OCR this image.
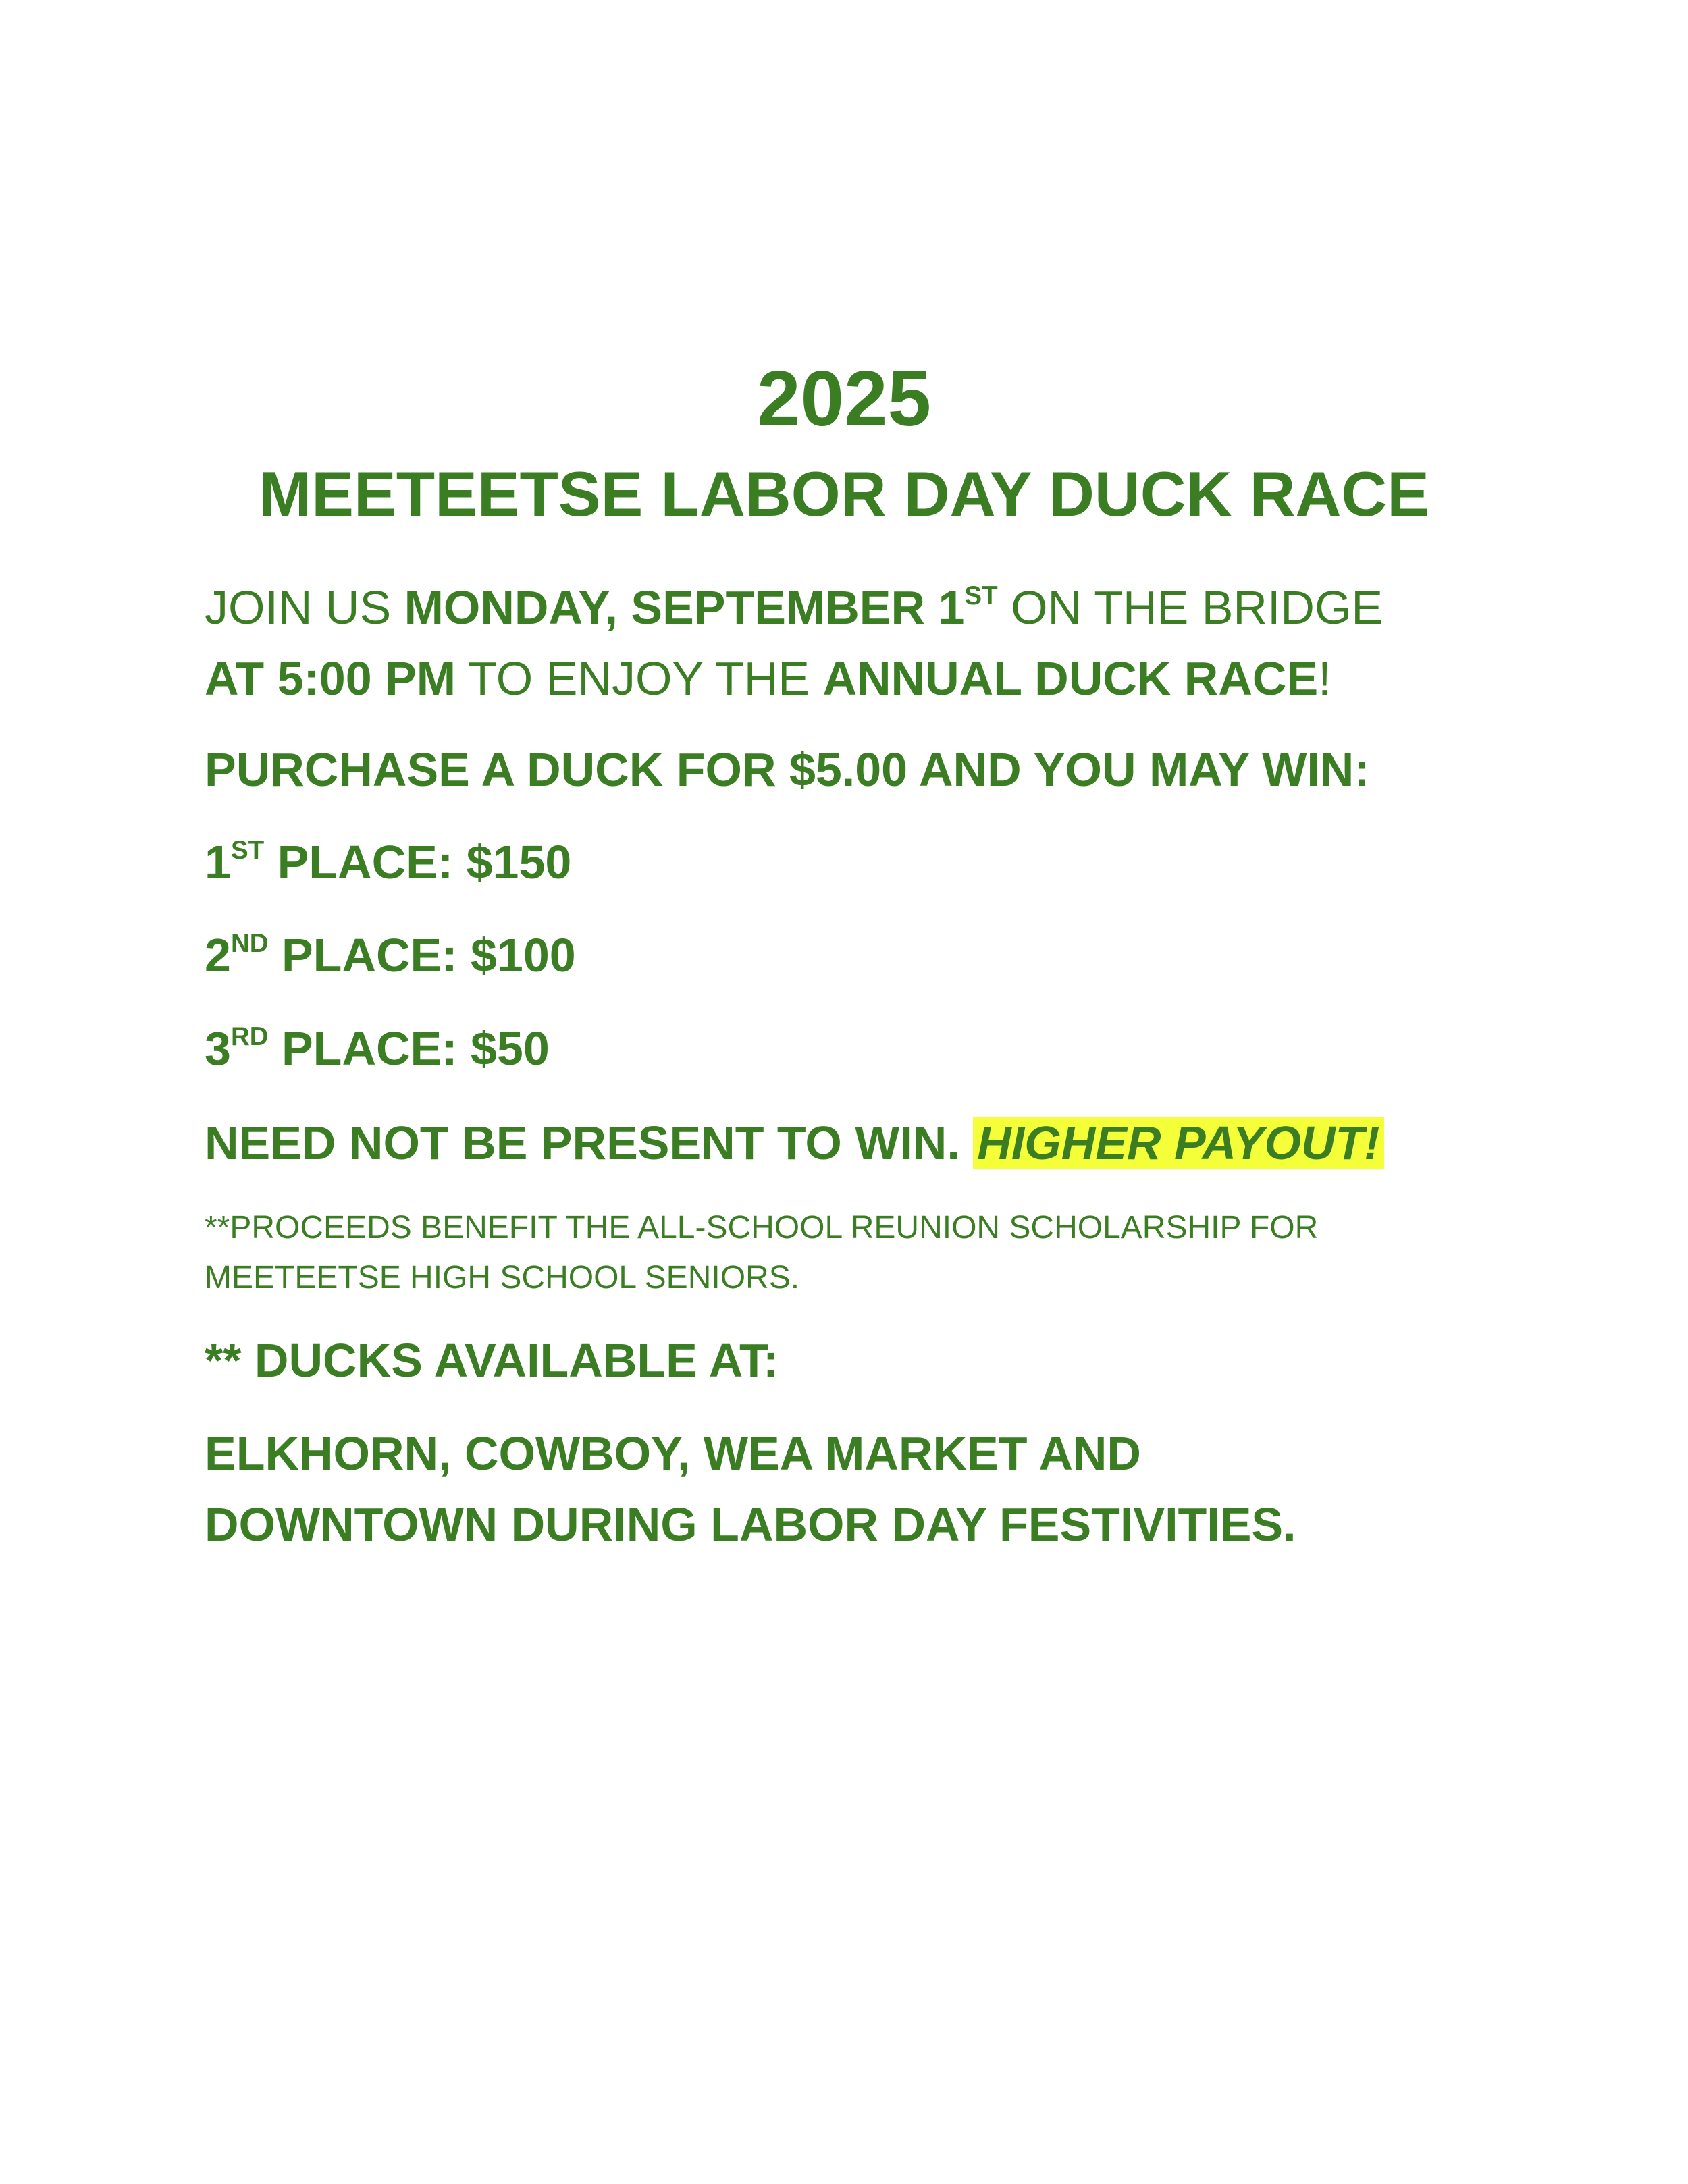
2025
MEETEETSE LABOR DAY DUCK RACE

JOIN US MONDAY, SEPTEMBER 1ST ON THE BRIDGE

AT 5:00 PM TO ENJOY THE ANNUAL DUCK RACE!

PURCHASE A DUCK FOR $5.00 AND YOU MAY WIN:

1ST PLACE: $150

2ND PLACE: $100

3RD PLACE: $50

NEED NOT BE PRESENT TO WIN. HIGHER PAYOUT!

**PROCEEDS BENEFIT THE ALL-SCHOOL REUNION SCHOLARSHIP FOR

MEETEETSE HIGH SCHOOL SENIORS.

** DUCKS AVAILABLE AT:

ELKHORN, COWBOY, WEA MARKET AND

DOWNTOWN DURING LABOR DAY FESTIVITIES.
